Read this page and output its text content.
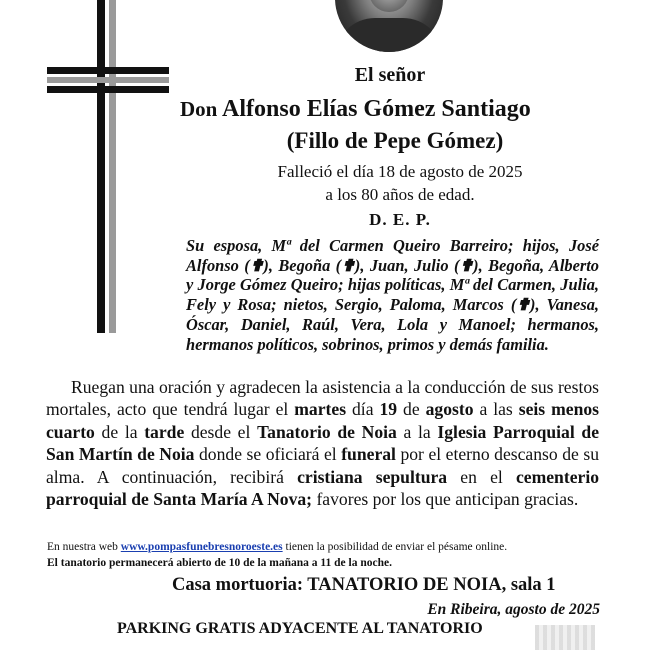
El señor
Don Alfonso Elías Gómez Santiago
(Fillo de Pepe Gómez)
Falleció el día 18 de agosto de 2025
a los 80 años de edad.
D. E. P.
Su esposa, Mª del Carmen Queiro Barreiro; hijos, José Alfonso (✟), Begoña (✟), Juan, Julio (✟), Begoña, Alberto y Jorge Gómez Queiro; hijas políticas, Mª del Carmen, Julia, Fely y Rosa; nietos, Sergio, Paloma, Marcos (✟), Vanesa, Óscar, Daniel, Raúl, Vera, Lola y Manoel; hermanos, hermanos políticos, sobrinos, primos y demás familia.
Ruegan una oración y agradecen la asistencia a la conducción de sus restos mortales, acto que tendrá lugar el martes día 19 de agosto a las seis menos cuarto de la tarde desde el Tanatorio de Noia a la Iglesia Parroquial de San Martín de Noia donde se oficiará el funeral por el eterno descanso de su alma. A continuación, recibirá cristiana sepultura en el cementerio parroquial de Santa María A Nova; favores por los que anticipan gracias.
En nuestra web www.pompasfunebresnoroeste.es tienen la posibilidad de enviar el pésame online.
El tanatorio permanecerá abierto de 10 de la mañana a 11 de la noche.
Casa mortuoria: TANATORIO DE NOIA, sala 1
En Ribeira, agosto de 2025
PARKING GRATIS ADYACENTE AL TANATORIO
